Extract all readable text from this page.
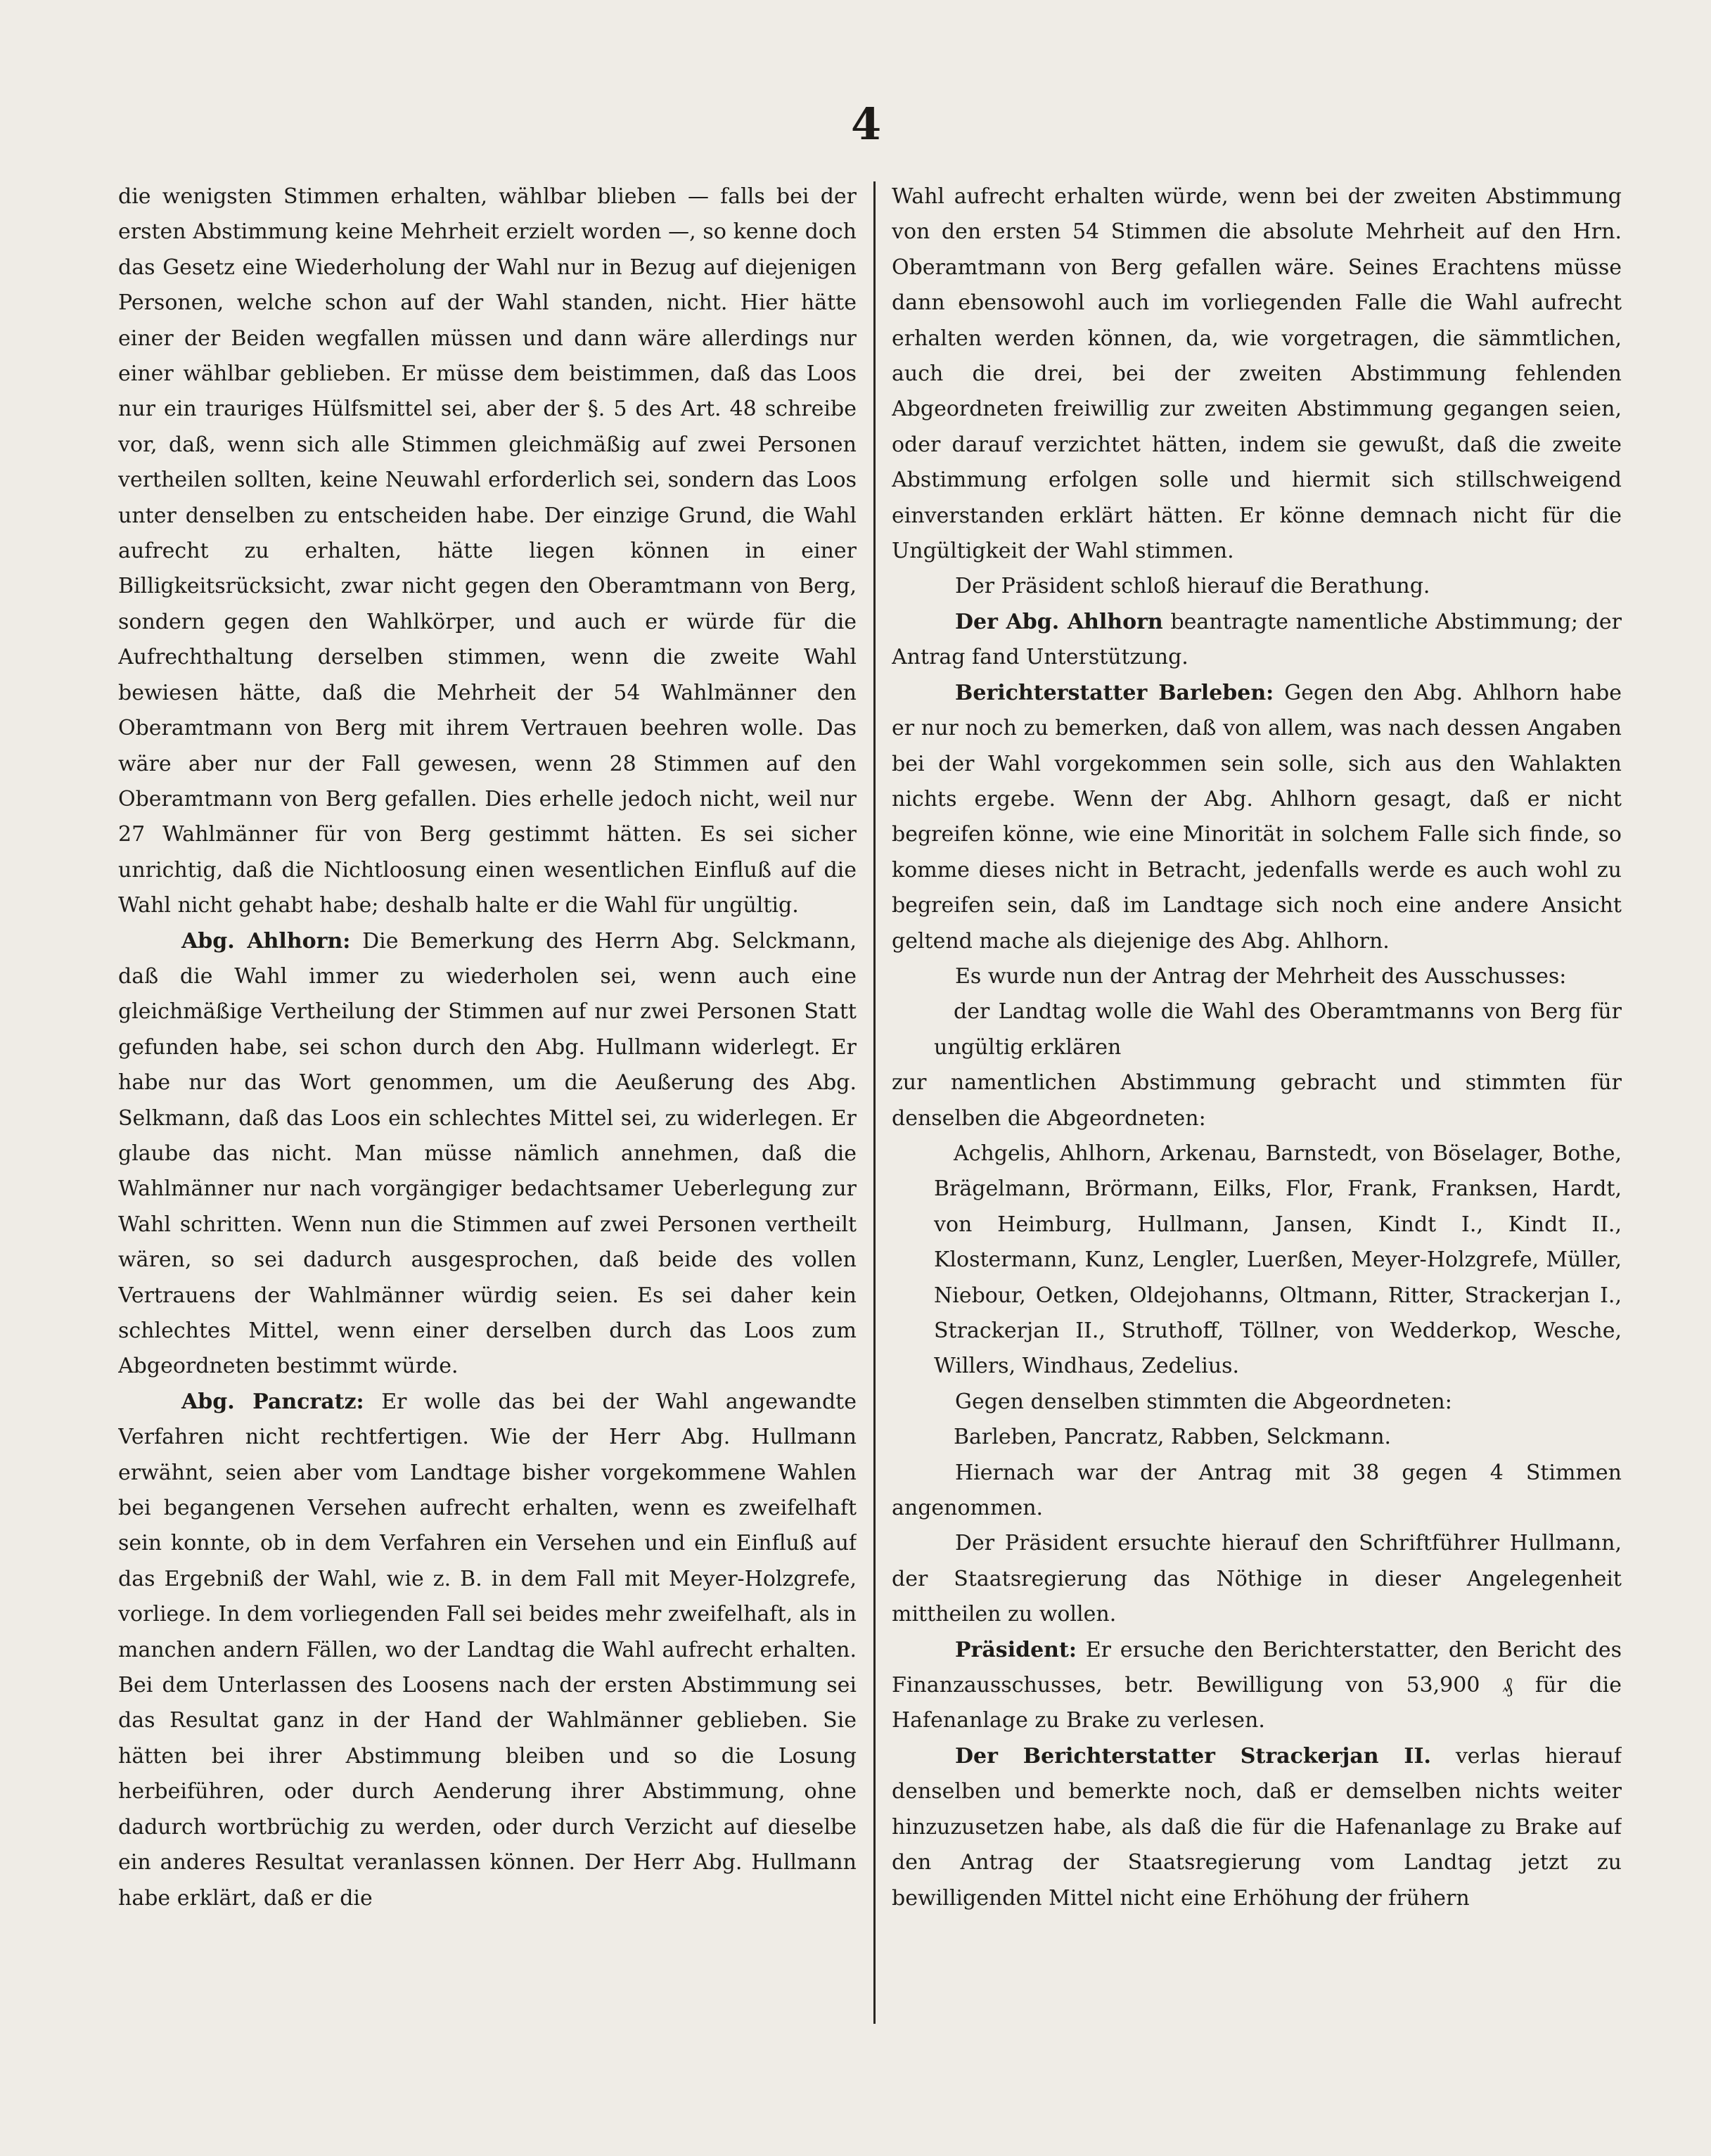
4

die wenigsten Stimmen erhalten, wählbar blieben — falls bei der ersten Abstimmung keine Mehrheit erzielt worden —, so kenne doch das Gesetz eine Wiederholung der Wahl nur in Bezug auf diejenigen Personen, welche schon auf der Wahl standen, nicht. Hier hätte einer der Beiden wegfallen müssen und dann wäre allerdings nur einer wählbar geblieben. Er müsse dem beistimmen, daß das Loos nur ein trauriges Hülfsmittel sei, aber der §. 5 des Art. 48 schreibe vor, daß, wenn sich alle Stimmen gleichmäßig auf zwei Personen vertheilen sollten, keine Neuwahl erforderlich sei, sondern das Loos unter denselben zu entscheiden habe. Der einzige Grund, die Wahl aufrecht zu erhalten, hätte liegen können in einer Billigkeitsrücksicht, zwar nicht gegen den Oberamtmann von Berg, sondern gegen den Wahlkörper, und auch er würde für die Aufrechthaltung derselben stimmen, wenn die zweite Wahl bewiesen hätte, daß die Mehrheit der 54 Wahlmänner den Oberamtmann von Berg mit ihrem Vertrauen beehren wolle. Das wäre aber nur der Fall gewesen, wenn 28 Stimmen auf den Oberamtmann von Berg gefallen. Dies erhelle jedoch nicht, weil nur 27 Wahlmänner für von Berg gestimmt hätten. Es sei sicher unrichtig, daß die Nichtloosung einen wesentlichen Einfluß auf die Wahl nicht gehabt habe; deshalb halte er die Wahl für ungültig.

Abg. Ahlhorn: Die Bemerkung des Herrn Abg. Selckmann, daß die Wahl immer zu wiederholen sei, wenn auch eine gleichmäßige Vertheilung der Stimmen auf nur zwei Personen Statt gefunden habe, sei schon durch den Abg. Hullmann widerlegt. Er habe nur das Wort genommen, um die Aeußerung des Abg. Selkmann, daß das Loos ein schlechtes Mittel sei, zu widerlegen. Er glaube das nicht. Man müsse nämlich annehmen, daß die Wahlmänner nur nach vorgängiger bedachtsamer Ueberlegung zur Wahl schritten. Wenn nun die Stimmen auf zwei Personen vertheilt wären, so sei dadurch ausgesprochen, daß beide des vollen Vertrauens der Wahlmänner würdig seien. Es sei daher kein schlechtes Mittel, wenn einer derselben durch das Loos zum Abgeordneten bestimmt würde.

Abg. Pancratz: Er wolle das bei der Wahl angewandte Verfahren nicht rechtfertigen. Wie der Herr Abg. Hullmann erwähnt, seien aber vom Landtage bisher vorgekommene Wahlen bei begangenen Versehen aufrecht erhalten, wenn es zweifelhaft sein konnte, ob in dem Verfahren ein Versehen und ein Einfluß auf das Ergebniß der Wahl, wie z. B. in dem Fall mit Meyer-Holzgrefe, vorliege. In dem vorliegenden Fall sei beides mehr zweifelhaft, als in manchen andern Fällen, wo der Landtag die Wahl aufrecht erhalten. Bei dem Unterlassen des Loosens nach der ersten Abstimmung sei das Resultat ganz in der Hand der Wahlmänner geblieben. Sie hätten bei ihrer Abstimmung bleiben und so die Losung herbeiführen, oder durch Aenderung ihrer Abstimmung, ohne dadurch wortbrüchig zu werden, oder durch Verzicht auf dieselbe ein anderes Resultat veranlassen können. Der Herr Abg. Hullmann habe erklärt, daß er die

Wahl aufrecht erhalten würde, wenn bei der zweiten Abstimmung von den ersten 54 Stimmen die absolute Mehrheit auf den Hrn. Oberamtmann von Berg gefallen wäre. Seines Erachtens müsse dann ebensowohl auch im vorliegenden Falle die Wahl aufrecht erhalten werden können, da, wie vorgetragen, die sämmtlichen, auch die drei, bei der zweiten Abstimmung fehlenden Abgeordneten freiwillig zur zweiten Abstimmung gegangen seien, oder darauf verzichtet hätten, indem sie gewußt, daß die zweite Abstimmung erfolgen solle und hiermit sich stillschweigend einverstanden erklärt hätten. Er könne demnach nicht für die Ungültigkeit der Wahl stimmen.

Der Präsident schloß hierauf die Berathung.

Der Abg. Ahlhorn beantragte namentliche Abstimmung; der Antrag fand Unterstützung.

Berichterstatter Barleben: Gegen den Abg. Ahlhorn habe er nur noch zu bemerken, daß von allem, was nach dessen Angaben bei der Wahl vorgekommen sein solle, sich aus den Wahlakten nichts ergebe. Wenn der Abg. Ahlhorn gesagt, daß er nicht begreifen könne, wie eine Minorität in solchem Falle sich finde, so komme dieses nicht in Betracht, jedenfalls werde es auch wohl zu begreifen sein, daß im Landtage sich noch eine andere Ansicht geltend mache als diejenige des Abg. Ahlhorn.

Es wurde nun der Antrag der Mehrheit des Ausschusses:

der Landtag wolle die Wahl des Oberamtmanns von Berg für ungültig erklären

zur namentlichen Abstimmung gebracht und stimmten für denselben die Abgeordneten:

Achgelis, Ahlhorn, Arkenau, Barnstedt, von Böselager, Bothe, Brägelmann, Brörmann, Eilks, Flor, Frank, Franksen, Hardt, von Heimburg, Hullmann, Jansen, Kindt I., Kindt II., Klostermann, Kunz, Lengler, Luerßen, Meyer-Holzgrefe, Müller, Niebour, Oetken, Oldejohanns, Oltmann, Ritter, Strackerjan I., Strackerjan II., Struthoff, Töllner, von Wedderkop, Wesche, Willers, Windhaus, Zedelius.

Gegen denselben stimmten die Abgeordneten:

Barleben, Pancratz, Rabben, Selckmann.

Hiernach war der Antrag mit 38 gegen 4 Stimmen angenommen.

Der Präsident ersuchte hierauf den Schriftführer Hullmann, der Staatsregierung das Nöthige in dieser Angelegenheit mittheilen zu wollen.

Präsident: Er ersuche den Berichterstatter, den Bericht des Finanzausschusses, betr. Bewilligung von 53,900 ₰ für die Hafenanlage zu Brake zu verlesen.

Der Berichterstatter Strackerjan II. verlas hierauf denselben und bemerkte noch, daß er demselben nichts weiter hinzuzusetzen habe, als daß die für die Hafenanlage zu Brake auf den Antrag der Staatsregierung vom Landtag jetzt zu bewilligenden Mittel nicht eine Erhöhung der frühern
